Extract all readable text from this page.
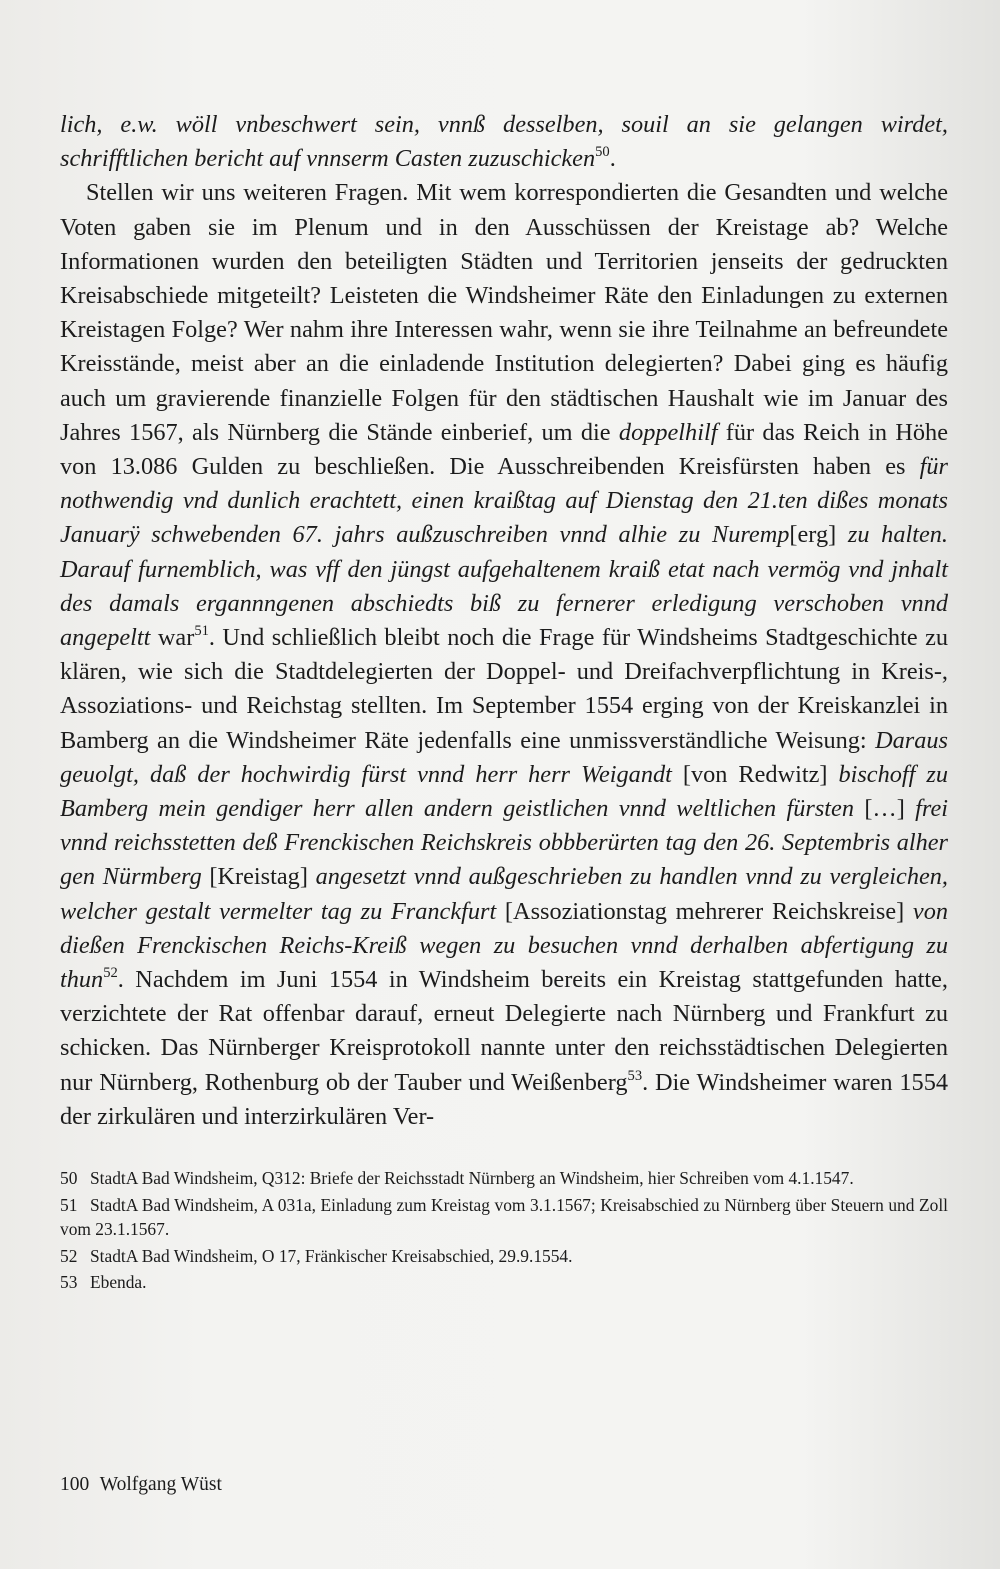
lich, e.w. wöll vnbeschwert sein, vnnß desselben, souil an sie gelangen wirdet, schrifftlichen bericht auf vnnserm Casten zuzuschicken$^{50}$.

Stellen wir uns weiteren Fragen. Mit wem korrespondierten die Gesandten und welche Voten gaben sie im Plenum und in den Ausschüssen der Kreistage ab? Welche Informationen wurden den beteiligten Städten und Territorien jenseits der gedruckten Kreisabschiede mitgeteilt? Leisteten die Windsheimer Räte den Einladungen zu externen Kreistagen Folge? Wer nahm ihre Interessen wahr, wenn sie ihre Teilnahme an befreundete Kreisstände, meist aber an die einladende Institution delegierten? Dabei ging es häufig auch um gravierende finanzielle Folgen für den städtischen Haushalt wie im Januar des Jahres 1567, als Nürnberg die Stände einberief, um die doppelhilf für das Reich in Höhe von 13.086 Gulden zu beschließen. Die Ausschreibenden Kreisfürsten haben es für nothwendig vnd dunlich erachtett, einen kraißtag auf Dienstag den 21.ten dißes monats Januarÿ schwebenden 67. jahrs außzuschreiben vnnd alhie zu Nuremp[erg] zu halten. Darauf furnemblich, was vff den jüngst aufgehaltenem kraiß etat nach vermög vnd jnhalt des damals ergannngenen abschiedts biß zu fernerer erledigung verschoben vnnd angepeltt war$^{51}$. Und schließlich bleibt noch die Frage für Windsheims Stadtgeschichte zu klären, wie sich die Stadtdelegierten der Doppel- und Dreifachverpflichtung in Kreis-, Assoziations- und Reichstag stellten. Im September 1554 erging von der Kreiskanzlei in Bamberg an die Windsheimer Räte jedenfalls eine unmissverständliche Weisung: Daraus geuolgt, daß der hochwirdig fürst vnnd herr herr Weigandt [von Redwitz] bischoff zu Bamberg mein gendiger herr allen andern geistlichen vnnd weltlichen fürsten […] frei vnnd reichsstetten deß Frenckischen Reichskreis obbberürten tag den 26. Septembris alher gen Nürmberg [Kreistag] angesetzt vnnd außgeschrieben zu handlen vnnd zu vergleichen, welcher gestalt vermelter tag zu Franckfurt [Assoziationstag mehrerer Reichskreise] von dießen Frenckischen Reichs-Kreiß wegen zu besuchen vnnd derhalben abfertigung zu thun$^{52}$. Nachdem im Juni 1554 in Windsheim bereits ein Kreistag stattgefunden hatte, verzichtete der Rat offenbar darauf, erneut Delegierte nach Nürnberg und Frankfurt zu schicken. Das Nürnberger Kreisprotokoll nannte unter den reichsstädtischen Delegierten nur Nürnberg, Rothenburg ob der Tauber und Weißenberg$^{53}$. Die Windsheimer waren 1554 der zirkulären und interzirkulären Ver-

50 StadtA Bad Windsheim, Q312: Briefe der Reichsstadt Nürnberg an Windsheim, hier Schreiben vom 4.1.1547.
51 StadtA Bad Windsheim, A 031a, Einladung zum Kreistag vom 3.1.1567; Kreisabschied zu Nürnberg über Steuern und Zoll vom 23.1.1567.
52 StadtA Bad Windsheim, O 17, Fränkischer Kreisabschied, 29.9.1554.
53 Ebenda.
100 Wolfgang Wüst
